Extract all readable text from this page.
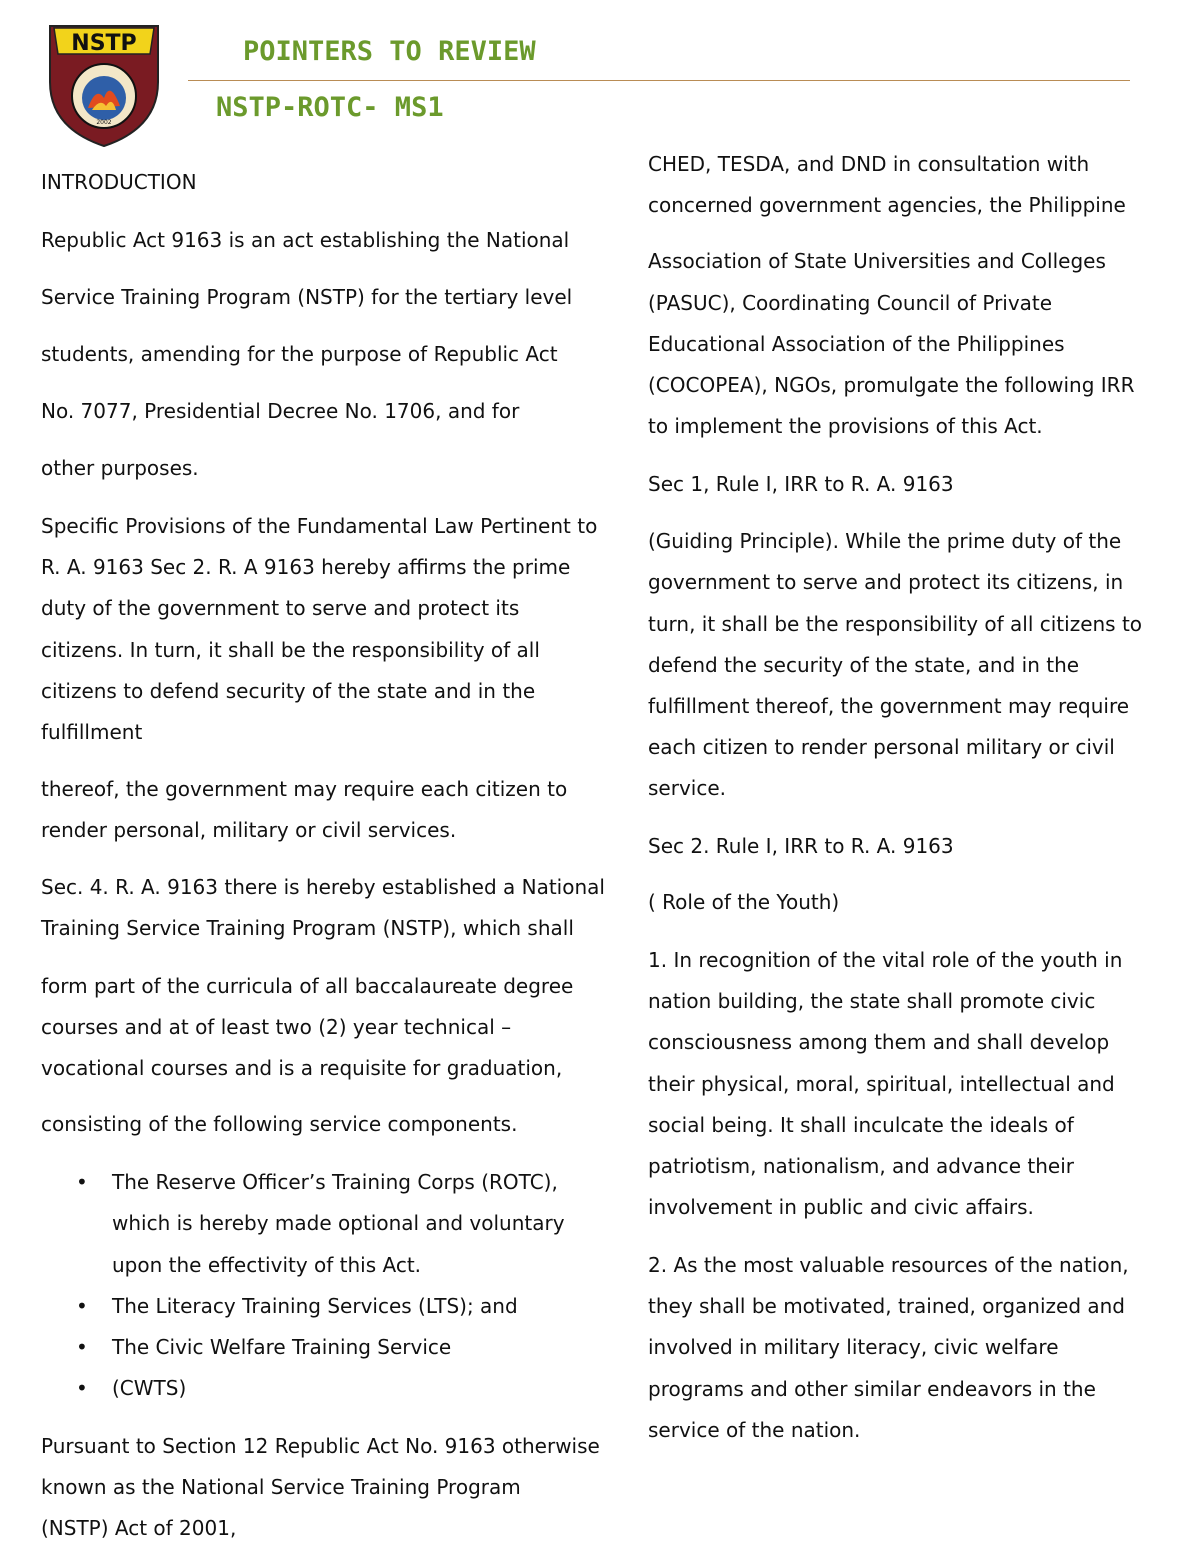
NSTP
2002
POINTERS TO REVIEW
NSTP-ROTC- MS1
INTRODUCTION
Republic Act 9163 is an act establishing the National
Service Training Program (NSTP) for the tertiary level
students, amending for the purpose of Republic Act
No. 7077, Presidential Decree No. 1706, and for
other purposes.
Specific Provisions of the Fundamental Law Pertinent to
R. A. 9163 Sec 2. R. A 9163 hereby affirms the prime
duty of the government to serve and protect its
citizens. In turn, it shall be the responsibility of all
citizens to defend security of the state and in the
fulfillment
thereof, the government may require each citizen to
render personal, military or civil services.
Sec. 4. R. A. 9163 there is hereby established a National
Training Service Training Program (NSTP), which shall
form part of the curricula of all baccalaureate degree
courses and at of least two (2) year technical –
vocational courses and is a requisite for graduation,
consisting of the following service components.
• The Reserve Officer’s Training Corps (ROTC),
which is hereby made optional and voluntary
upon the effectivity of this Act.
• The Literacy Training Services (LTS); and
• The Civic Welfare Training Service
• (CWTS)
Pursuant to Section 12 Republic Act No. 9163 otherwise
known as the National Service Training Program
(NSTP) Act of 2001,
CHED, TESDA, and DND in consultation with
concerned government agencies, the Philippine
Association of State Universities and Colleges
(PASUC), Coordinating Council of Private
Educational Association of the Philippines
(COCOPEA), NGOs, promulgate the following IRR
to implement the provisions of this Act.
Sec 1, Rule I, IRR to R. A. 9163
(Guiding Principle). While the prime duty of the
government to serve and protect its citizens, in
turn, it shall be the responsibility of all citizens to
defend the security of the state, and in the
fulfillment thereof, the government may require
each citizen to render personal military or civil
service.
Sec 2. Rule I, IRR to R. A. 9163
( Role of the Youth)
1. In recognition of the vital role of the youth in
nation building, the state shall promote civic
consciousness among them and shall develop
their physical, moral, spiritual, intellectual and
social being. It shall inculcate the ideals of
patriotism, nationalism, and advance their
involvement in public and civic affairs.
2. As the most valuable resources of the nation,
they shall be motivated, trained, organized and
involved in military literacy, civic welfare
programs and other similar endeavors in the
service of the nation.
